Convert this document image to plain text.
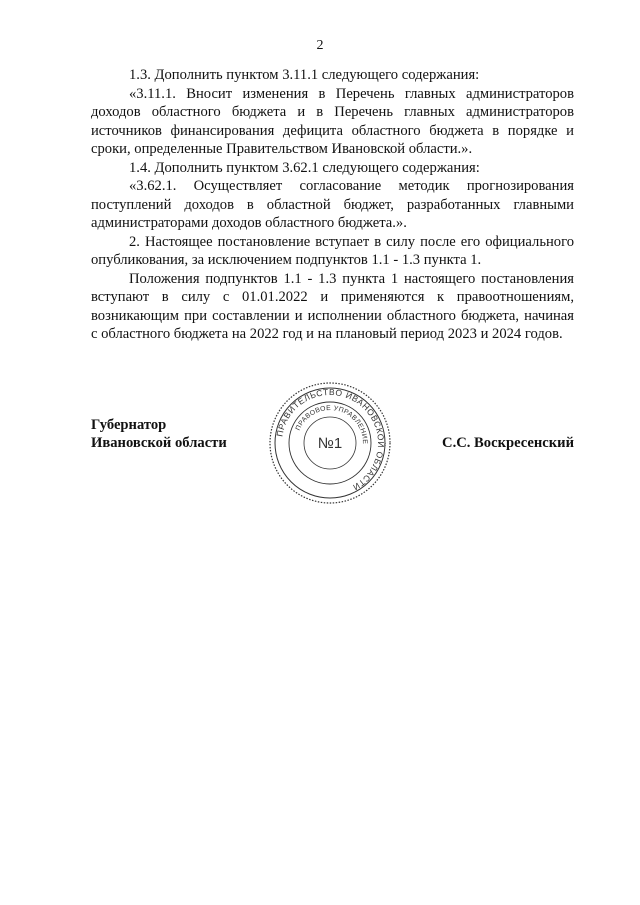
2

1.3. Дополнить пунктом 3.11.1 следующего содержания:

«3.11.1. Вносит изменения в Перечень главных администраторов доходов областного бюджета и в Перечень главных администраторов источников финансирования дефицита областного бюджета в порядке и сроки, определенные Правительством Ивановской области.».

1.4. Дополнить пунктом 3.62.1 следующего содержания:

«3.62.1. Осуществляет согласование методик прогнозирования поступлений доходов в областной бюджет, разработанных главными администраторами доходов областного бюджета.».

2. Настоящее постановление вступает в силу после его официального опубликования, за исключением подпунктов 1.1 - 1.3 пункта 1.

Положения подпунктов 1.1 - 1.3 пункта 1 настоящего постановления вступают в силу с 01.01.2022 и применяются к правоотношениям, возникающим при составлении и исполнении областного бюджета, начиная с областного бюджета на 2022 год и на плановый период 2023 и 2024 годов.

Губернатор
Ивановской области
ПРАВИТЕЛЬСТВО ИВАНОВСКОЙ ОБЛАСТИ
ПРАВОВОЕ УПРАВЛЕНИЕ
№1	С.С. Воскресенский
